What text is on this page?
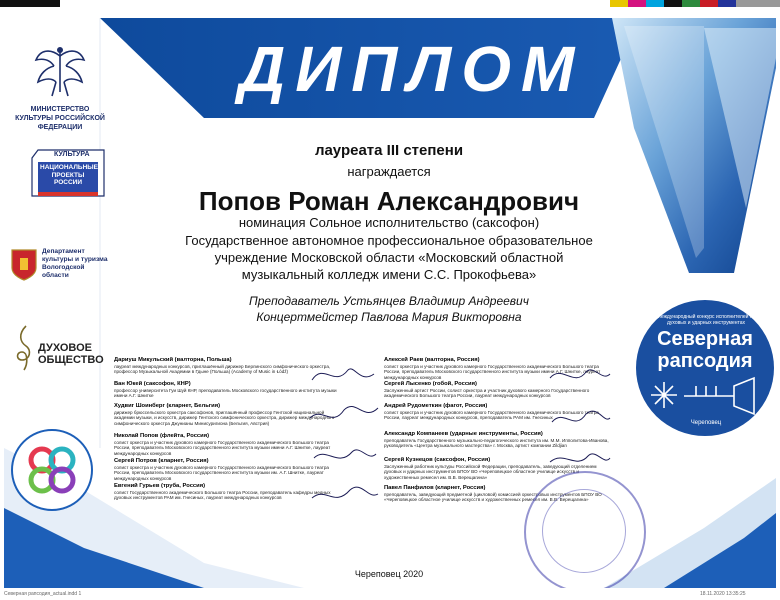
ДИПЛОМ
МИНИСТЕРСТВО КУЛЬТУРЫ РОССИЙСКОЙ ФЕДЕРАЦИИ
КУЛЬТУРА
НАЦИОНАЛЬНЫЕ ПРОЕКТЫ РОССИИ
Департамент культуры и туризма Вологодской области
ДУХОВОЕ ОБЩЕСТВО
лауреата III степени
награждается
Попов Роман Александрович
номинация Сольное исполнительство (саксофон)
Государственное автономное профессиональное образовательное учреждение Московской области «Московский областной музыкальный колледж имени С.С. Прокофьева»
Преподаватель Устьянцев Владимир Андреевич
Концертмейстер Павлова Мария Викторовна	Международный конкурс исполнителей на духовых и ударных инструментах
Северная
рапсодия
Череповец
Дариуш Микульский (валторна, Польша)
лауреат международных конкурсов, приглашённый дирижер Берлинского симфонического оркестра, профессор Музыкальной Академии в Гдыне (Польша) (Academy of Music in Łódź)
Ван Юкей (саксофон, КНР)
профессор университета Гуи Шуй КНР, преподаватель Московского государственного института музыки имени А.Г. Шнитке
Худвиг Шоинберг (кларнет, Бельгия)
дирижер брюссельского оркестра саксофонов, приглашённый профессор Гентской национальной академии музыки, и искусств, дирижер Гентского симфонического оркестра, дирижер международного симфонического оркестра Джунианы Минисуригиона (Бельгия, Австрия)
Николай Попов (флейта, Россия)
солист оркестра и участник духового камерного Государственного академического Большого театра России, преподаватель Московского государственного института музыки имени А.Г. Шнитке, лауреат международных конкурсов
Сергей Потров (кларнет, Россия)
солист оркестра и участник духового камерного Государственного академического Большого театра России, преподаватель Московского государственного института музыки им. А.Г. Шнитке, лауреат международных конкурсов
Евгений Гурьев (труба, Россия)
солист Государственного академического Большого театра России, преподаватель кафедры медных духовых инструментов РАМ им. Гнесиных, лауреат международных конкурсов
Алексей Раев (валторна, Россия)
солист оркестра и участник духового камерного Государственного академического Большого театра России, преподаватель Московского государственного института музыки имени А.Г. Шнитке, лауреат международных конкурсов
Сергей Лысенко (гобой, Россия)
Заслуженный артист России, солист оркестра и участник духового камерного Государственного академического Большого театра России, лауреат международных конкурсов
Андрей Рудометкин (фагот, Россия)
солист оркестра и участник духового камерного Государственного академического Большого театра России, лауреат международных конкурсов, преподаватель РАМ им. Гнесиных
Александр Компанеев (ударные инструменты, Россия)
преподаватель Государственного музыкально-педагогического института им. М.М. Ипполитова-Иванова, руководитель «Центра музыкального мастерства» г. Москва, артист компании Zildjian
Сергей Кузнецов (саксофон, Россия)
Заслуженный работник культуры Российской Федерации, преподаватель, заведующий отделением духовых и ударных инструментов БПОУ ВО «Череповецкое областное училище искусств и художественных ремесел им. В.В. Верещагина»
Павел Панфилов (кларнет, Россия)
преподаватель, заведующий предметной (цикловой) комиссией оркестровых инструментов БПОУ ВО «Череповецкое областное училище искусств и художественных ремесел им. В.В. Верещагина»
Череповец 2020
Северная рапсодия_actual.indd 1	18.11.2020 13:35:25
